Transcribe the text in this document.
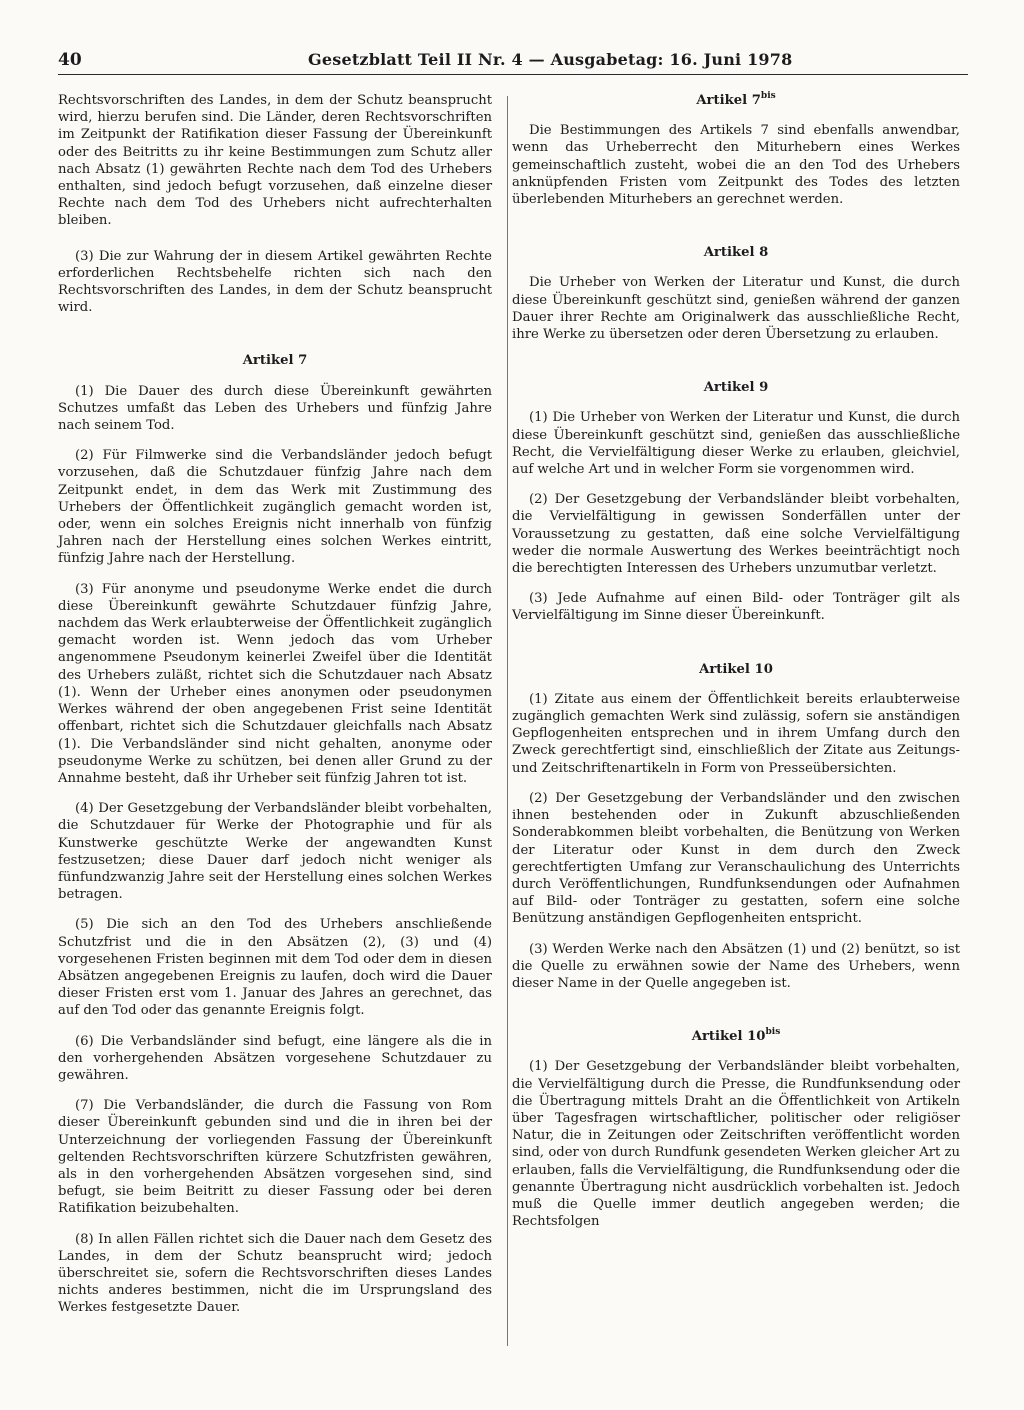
40	Gesetzblatt Teil II Nr. 4 — Ausgabetag: 16. Juni 1978

Rechtsvorschriften des Landes, in dem der Schutz beansprucht wird, hierzu berufen sind. Die Länder, deren Rechtsvorschriften im Zeitpunkt der Ratifikation dieser Fassung der Übereinkunft oder des Beitritts zu ihr keine Bestimmungen zum Schutz aller nach Absatz (1) gewährten Rechte nach dem Tod des Urhebers enthalten, sind jedoch befugt vorzusehen, daß einzelne dieser Rechte nach dem Tod des Urhebers nicht aufrechterhalten bleiben.

(3) Die zur Wahrung der in diesem Artikel gewährten Rechte erforderlichen Rechtsbehelfe richten sich nach den Rechtsvorschriften des Landes, in dem der Schutz beansprucht wird.

Artikel 7

(1) Die Dauer des durch diese Übereinkunft gewährten Schutzes umfaßt das Leben des Urhebers und fünfzig Jahre nach seinem Tod.

(2) Für Filmwerke sind die Verbandsländer jedoch befugt vorzusehen, daß die Schutzdauer fünfzig Jahre nach dem Zeitpunkt endet, in dem das Werk mit Zustimmung des Urhebers der Öffentlichkeit zugänglich gemacht worden ist, oder, wenn ein solches Ereignis nicht innerhalb von fünfzig Jahren nach der Herstellung eines solchen Werkes eintritt, fünfzig Jahre nach der Herstellung.

(3) Für anonyme und pseudonyme Werke endet die durch diese Übereinkunft gewährte Schutzdauer fünfzig Jahre, nachdem das Werk erlaubterweise der Öffentlichkeit zugänglich gemacht worden ist. Wenn jedoch das vom Urheber angenommene Pseudonym keinerlei Zweifel über die Identität des Urhebers zuläßt, richtet sich die Schutzdauer nach Absatz (1). Wenn der Urheber eines anonymen oder pseudonymen Werkes während der oben angegebenen Frist seine Identität offenbart, richtet sich die Schutzdauer gleichfalls nach Absatz (1). Die Verbandsländer sind nicht gehalten, anonyme oder pseudonyme Werke zu schützen, bei denen aller Grund zu der Annahme besteht, daß ihr Urheber seit fünfzig Jahren tot ist.

(4) Der Gesetzgebung der Verbandsländer bleibt vorbehalten, die Schutzdauer für Werke der Photographie und für als Kunstwerke geschützte Werke der angewandten Kunst festzusetzen; diese Dauer darf jedoch nicht weniger als fünfundzwanzig Jahre seit der Herstellung eines solchen Werkes betragen.

(5) Die sich an den Tod des Urhebers anschließende Schutzfrist und die in den Absätzen (2), (3) und (4) vorgesehenen Fristen beginnen mit dem Tod oder dem in diesen Absätzen angegebenen Ereignis zu laufen, doch wird die Dauer dieser Fristen erst vom 1. Januar des Jahres an gerechnet, das auf den Tod oder das genannte Ereignis folgt.

(6) Die Verbandsländer sind befugt, eine längere als die in den vorhergehenden Absätzen vorgesehene Schutzdauer zu gewähren.

(7) Die Verbandsländer, die durch die Fassung von Rom dieser Übereinkunft gebunden sind und die in ihren bei der Unterzeichnung der vorliegenden Fassung der Übereinkunft geltenden Rechtsvorschriften kürzere Schutzfristen gewähren, als in den vorhergehenden Absätzen vorgesehen sind, sind befugt, sie beim Beitritt zu dieser Fassung oder bei deren Ratifikation beizubehalten.

(8) In allen Fällen richtet sich die Dauer nach dem Gesetz des Landes, in dem der Schutz beansprucht wird; jedoch überschreitet sie, sofern die Rechtsvorschriften dieses Landes nichts anderes bestimmen, nicht die im Ursprungsland des Werkes festgesetzte Dauer.

Artikel $7^{bis}$

Die Bestimmungen des Artikels 7 sind ebenfalls anwendbar, wenn das Urheberrecht den Miturhebern eines Werkes gemeinschaftlich zusteht, wobei die an den Tod des Urhebers anknüpfenden Fristen vom Zeitpunkt des Todes des letzten überlebenden Miturhebers an gerechnet werden.

Artikel 8

Die Urheber von Werken der Literatur und Kunst, die durch diese Übereinkunft geschützt sind, genießen während der ganzen Dauer ihrer Rechte am Originalwerk das ausschließliche Recht, ihre Werke zu übersetzen oder deren Übersetzung zu erlauben.

Artikel 9

(1) Die Urheber von Werken der Literatur und Kunst, die durch diese Übereinkunft geschützt sind, genießen das ausschließliche Recht, die Vervielfältigung dieser Werke zu erlauben, gleichviel, auf welche Art und in welcher Form sie vorgenommen wird.

(2) Der Gesetzgebung der Verbandsländer bleibt vorbehalten, die Vervielfältigung in gewissen Sonderfällen unter der Voraussetzung zu gestatten, daß eine solche Vervielfältigung weder die normale Auswertung des Werkes beeinträchtigt noch die berechtigten Interessen des Urhebers unzumutbar verletzt.

(3) Jede Aufnahme auf einen Bild- oder Tonträger gilt als Vervielfältigung im Sinne dieser Übereinkunft.

Artikel 10

(1) Zitate aus einem der Öffentlichkeit bereits erlaubterweise zugänglich gemachten Werk sind zulässig, sofern sie anständigen Gepflogenheiten entsprechen und in ihrem Umfang durch den Zweck gerechtfertigt sind, einschließlich der Zitate aus Zeitungs- und Zeitschriftenartikeln in Form von Presseübersichten.

(2) Der Gesetzgebung der Verbandsländer und den zwischen ihnen bestehenden oder in Zukunft abzuschließenden Sonderabkommen bleibt vorbehalten, die Benützung von Werken der Literatur oder Kunst in dem durch den Zweck gerechtfertigten Umfang zur Veranschaulichung des Unterrichts durch Veröffentlichungen, Rundfunksendungen oder Aufnahmen auf Bild- oder Tonträger zu gestatten, sofern eine solche Benützung anständigen Gepflogenheiten entspricht.

(3) Werden Werke nach den Absätzen (1) und (2) benützt, so ist die Quelle zu erwähnen sowie der Name des Urhebers, wenn dieser Name in der Quelle angegeben ist.

Artikel $10^{bis}$

(1) Der Gesetzgebung der Verbandsländer bleibt vorbehalten, die Vervielfältigung durch die Presse, die Rundfunksendung oder die Übertragung mittels Draht an die Öffentlichkeit von Artikeln über Tagesfragen wirtschaftlicher, politischer oder religiöser Natur, die in Zeitungen oder Zeitschriften veröffentlicht worden sind, oder von durch Rundfunk gesendeten Werken gleicher Art zu erlauben, falls die Vervielfältigung, die Rundfunksendung oder die genannte Übertragung nicht ausdrücklich vorbehalten ist. Jedoch muß die Quelle immer deutlich angegeben werden; die Rechtsfolgen
